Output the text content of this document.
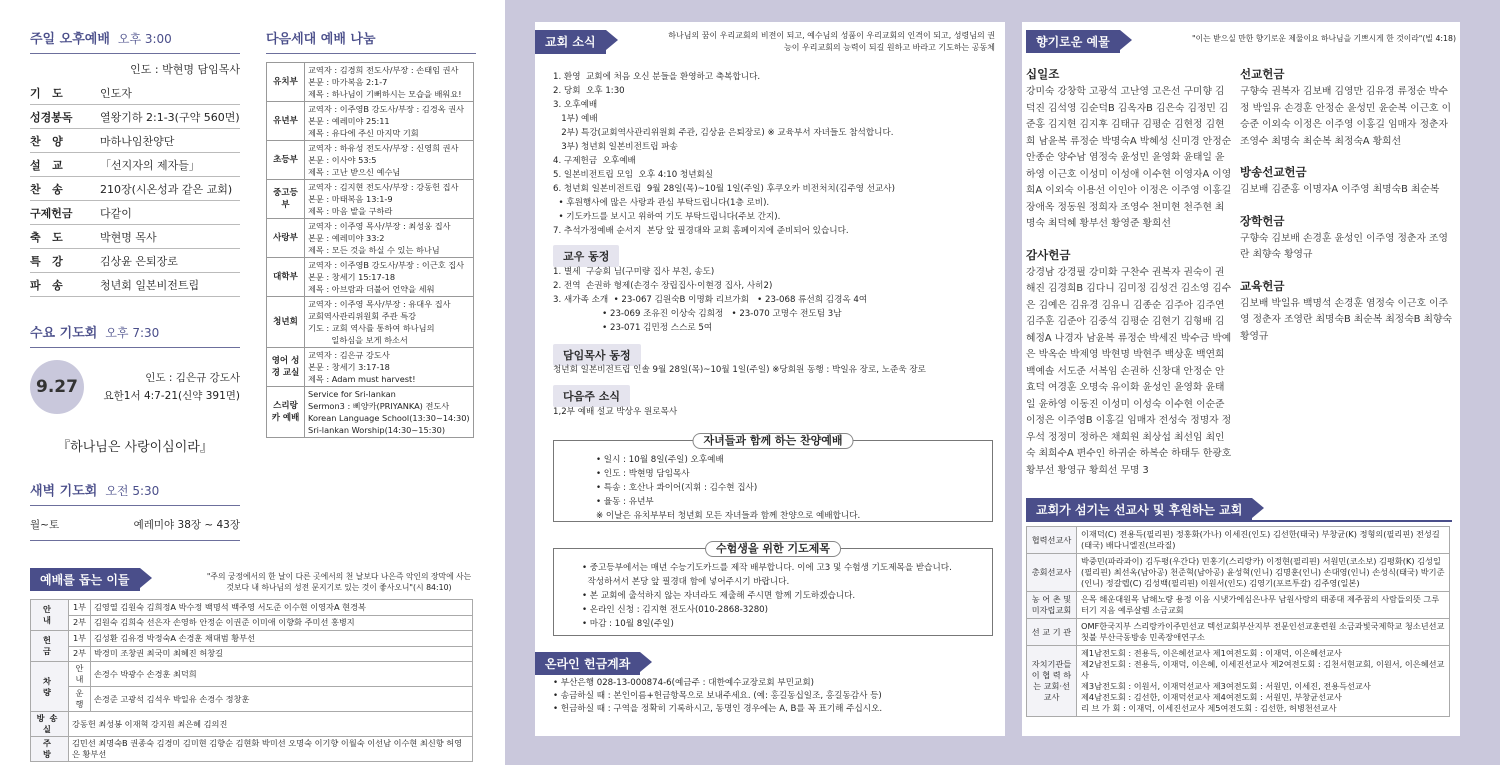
주일 오후예배 오후 3:00
인도 : 박현명 담임목사
기   도	인도자
성경봉독	열왕기하 2:1-3(구약 560면)
찬   양	마하나임찬양단
설   교	「선지자의 제자들」
찬   송	210장(시온성과 같은 교회)
구제헌금	다같이
축   도	박현명 목사
특   강	김상윤 은퇴장로
파   송	청년회 일본비전트립
수요 기도회 오후 7:30
9.27	인도 : 김은규 강도사
요한1서 4:7-21(신약 391면)
『하나님은 사랑이심이라』
새벽 기도회 오전 5:30
월~토	예레미야 38장 ~ 43장
다음세대 예배 나눔
유치부	교역자 : 김경희 전도사/부장 : 손태임 권사
본문 : 마가복음 2:1-7
제목 : 하나님이 기뻐하시는 모습을 배워요!

유년부	교역자 : 이주영B 강도사/부장 : 김경옥 권사
본문 : 예레미야 25:11
제목 : 유다에 주신 마지막 기회

초등부	교역자 : 하유성 전도사/부장 : 신영희 권사
본문 : 이사야 53:5
제목 : 고난 받으신 예수님

중고등부	교역자 : 김지현 전도사/부장 : 강동헌 집사
본문 : 마태복음 13:1-9
제목 : 마음 밭을 구하라

사랑부	교역자 : 이주영 목사/부장 : 최성웅 집사
본문 : 예레미야 33:2
제목 : 모든 것을 하실 수 있는 하나님

대학부	교역자 : 이주영B 강도사/부장 : 이근호 집사
본문 : 창세기 15:17-18
제목 : 아브람과 더불어 언약을 세워

청년회	교역자 : 이주영 목사/부장 : 유대우 집사
교회역사관리위원회 주관 특강
기도 : 교회 역사를 통하여 하나님의
일하심을 보게 하소서

영어 성경 교실	교역자 : 김은규 강도사
본문 : 창세기 3:17-18
제목 : Adam must harvest!

스리랑카 예배	Service for Sri-lankan
Sermon3 : 삐양카(PRIYANKA) 전도사
Korean Language School(13:30~14:30)
Sri-lankan Worship(14:30~15:30)
예배를 돕는 이들	"주의 궁정에서의 한 날이 다른 곳에서의 천 날보다 나은즉 악인의 장막에 사는 것보다 내 하나님의 성전 문지기로 있는 것이 좋사오니"(시 84:10)
안 내	1부	김영열 김원숙 김희정A 박수정 백명석 백주영 서도준 이수현 이영자A 현경복
	2부	김원숙 김희숙 선은자 손영하 안정순 이권준 이미애 이향화 주미선 홍병지
헌 금	1부	김성환 김유경 박정숙A 손경훈 채대범 황부선
	2부	박경미 조창권 최국미 최혜진 허창길
차 량	안내	손경수 박광수 손경훈 최덕희
	운행	손경준 고광석 김석우 박일유 손경수 정창훈
방송실	강동헌 최성봉 이재혁 강지원 최은혜 김의진	
주 방	김민선 최명숙B 권종숙 김경미 김미현 김향순 김현화 박미선 오명숙 이기향 이월숙 이선남 이수현 최신향 허영은 황부선	
교회 소식	하나님의 꿈이 우리교회의 비전이 되고, 예수님의 성품이 우리교회의 인격이 되고, 성령님의 권능이 우리교회의 능력이 되길 원하고 바라고 기도하는 공동체
1. 환영  교회에 처음 오신 분들을 환영하고 축복합니다.
2. 당회  오후 1:30
3. 오후예배
1부) 예배
2부) 특강(교회역사관리위원회 주관, 김상윤 은퇴장로) ※ 교육부서 자녀들도 참석합니다.
3부) 청년회 일본비전트립 파송
4. 구제헌금  오후예배
5. 일본비전트립 모임  오후 4:10 청년회실
6. 청년회 일본비전트립  9월 28일(목)~10월 1일(주일) 후쿠오카 비전처치(김주영 선교사)
• 후원행사에 많은 사랑과 관심 부탁드립니다(1층 로비).
• 기도카드를 보시고 위하여 기도 부탁드립니다(주보 간지).
7. 추석가정예배 순서지  본당 앞 필경대와 교회 홈페이지에 준비되어 있습니다.
교우 동정
1. 별세  구승회 님(구미량 집사 부친, 송도)
2. 전역  손권하 형제(손경수 장립집사·이현경 집사, 사히2)
3. 새가족 소개  • 23-067 김원숙B 이명화 리브가회   • 23-068 류선희 김경옥 4여
• 23-069 조유진 이상숙 김희정   • 23-070 고명수 전도팀 3남
• 23-071 김민정 스스로 5여
담임목사 동정
청년회 일본비전트립 인솔 9월 28일(목)~10월 1일(주일) ※당회원 동행 : 박일유 장로, 노준욱 장로
다음주 소식
1,2부 예배 설교 박상우 원로목사
자녀들과 함께 하는 찬양예배
• 일시 : 10월 8일(주일) 오후예배
• 인도 : 박현명 담임목사
• 특송 : 호산나 콰이어(지휘 : 김수현 집사)
• 율동 : 유년부
※ 이날은 유치부부터 청년회 모든 자녀들과 함께 찬양으로 예배합니다.
수험생을 위한 기도제목
• 중고등부에서는 매년 수능기도카드를 제작 배부합니다. 이에 고3 및 수험생 기도제목을 받습니다.
작성하셔서 본당 앞 필경대 함에 넣어주시기 바랍니다.
• 본 교회에 출석하지 않는 자녀라도 제출해 주시면 함께 기도하겠습니다.
• 온라인 신청 : 김지현 전도사(010-2868-3280)
• 마감 : 10월 8일(주일)
온라인 헌금계좌
• 부산은행 028-13-000874-6(예금주 : 대한예수교장로회 부민교회)
• 송금하실 때 : 본인이름+헌금항목으로 보내주세요. (예: 홍길동십일조, 홍길동감사 등)
• 헌금하실 때 : 구역을 정확히 기록하시고, 동명인 경우에는 A, B를 꼭 표기해 주십시오.
향기로운 예물	"이는 받으실 만한 향기로운 제물이요 하나님을 기쁘시게 한 것이라"(빌 4:18)
십일조
강미숙 강창학 고광석 고난영 고은선 구미향 김덕진 김석영 김순덕B 김옥자B 김은숙 김정민 김준홍 김지현 김지후 김태규 김평순 김현정 김현희 남윤복 류정순 박명숙A 박혜성 신미경 안정순 안종순 양수남 염정숙 윤성민 윤영화 윤태일 윤하영 이근호 이성미 이성애 이수현 이영자A 이영희A 이외숙 이용선 이인아 이정은 이주영 이홍길 장애옥 정동원 정희자 조영수 천미현 천주현 최명숙 최덕혜 황부선 황영준 황희선
감사헌금
강경남 강경필 강미화 구찬수 권복자 권숙이 권해진 김경희B 김다니 김미정 김성건 김소영 김수은 김예은 김유경 김유니 김종순 김주아 김주연 김주훈 김준아 김중석 김평순 김현기 김형배 김혜정A 나경자 남윤복 류정순 박세진 박수금 박예은 박옥순 박제영 박현명 박현주 백상훈 백연희 백예솔 서도준 서복임 손권하 신창대 안정순 안효덕 여경훈 오명숙 유이화 윤성인 윤영화 윤태일 윤하영 이동진 이성미 이성숙 이수현 이순준 이정은 이주영B 이홍길 임매자 전성숙 정명자 정우석 정정미 정하은 채희원 최상섭 최선임 최인숙 최희수A 편수인 하귀순 하복순 하태두 한광호 황부선 황영규 황희선 무명 3
선교헌금
구향숙 권복자 김보배 김영만 김유경 류정순 박수정 박일유 손경훈 안정순 윤성민 윤순복 이근호 이승준 이외숙 이정은 이주영 이홍길 임매자 정춘자 조영수 최명숙 최순복 최정숙A 황희선
방송선교헌금
김보배 김준홍 이명자A 이주영 최명숙B 최순복
장학헌금
구향숙 김보배 손경훈 윤성인 이주영 정춘자 조영란 최향숙 황영규
교육헌금
김보배 박일유 백명석 손경훈 염정숙 이근호 이주영 정춘자 조영란 최명숙B 최순복 최정숙B 최향숙 황영규
교회가 섬기는 선교사 및 후원하는 교회
협력선교사	이재덕(C) 전용득(필리핀) 정홍화(가나) 이세진(인도) 김선한(태국) 부창균(K) 정형의(필리핀) 전성길(태국) 배다니엘진(브라질)
총회선교사	박중민(파라과이) 김두평(우간다) 민홍기(스리랑카) 이정현(필리핀) 서원민(코소보) 김평화(K) 김성일(필리핀) 최선옥(남아공) 천준혁(남아공) 윤성혁(인니) 김명훈(인니) 손대영(인니) 손성식(태국) 박기준(인니) 정갈렙(C) 김성백(필리핀) 이원서(인도) 김영기(포르투갈) 김주영(일본)
농 어 촌 및 미자립교회	은목 해운대원목 남해노량 용정 이음 시냇가에심은나무 남원사랑의 태종대 제주꿈의 사람들의뜻 그루터기 지음 예루살렘 소금교회
선 교 기 관	OMF한국지부 스리랑카이주민선교 텍선교회부산지부 전문인선교훈련원 소금과빛국제학교 청소년선교첫불 부산극동방송 민족장애연구소
자치기관들이 협 력 하 는 교회·선교사	제1남전도회 : 전용득, 이은혜선교사 제1여전도회 : 이재덕, 이은혜선교사
제2남전도회 : 전용득, 이재덕, 이은혜, 이세진선교사 제2여전도회 : 김천서현교회, 이원서, 이은혜선교사
제3남전도회 : 이원서, 이재덕선교사 제3여전도회 : 서원민, 이세진, 전용득선교사
제4남전도회 : 김선한, 이재덕선교사 제4여전도회 : 서원민, 부창균선교사
리 브 가 회 : 이재덕, 이세진선교사 제5여전도회 : 김선한, 허병천선교사
